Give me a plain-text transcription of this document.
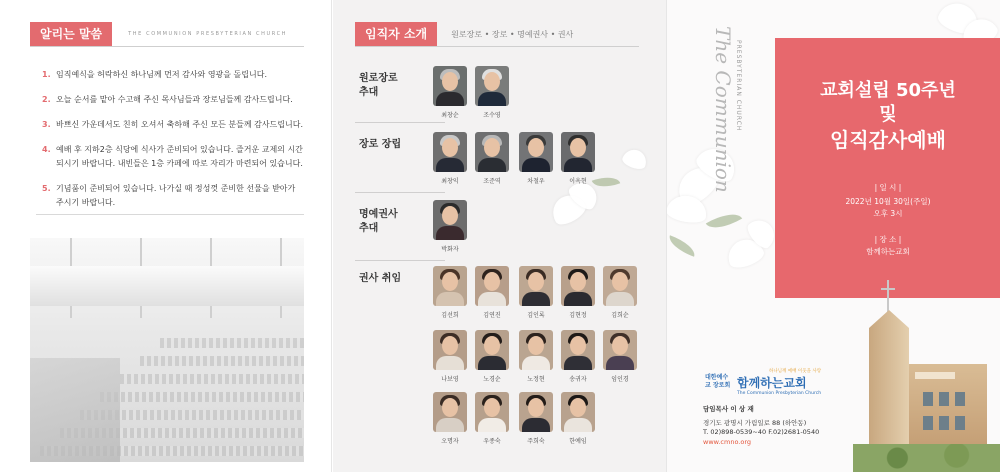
알리는 말씀	THE COMMUNION PRESBYTERIAN CHURCH
1. 임직예식을 허락하신 하나님께 먼저 감사와 영광을 돌립니다.
2. 오늘 순서를 맡아 수고해 주신 목사님들과 장로님들께 감사드립니다.
3. 바쁘신 가운데서도 친히 오셔서 축하해 주신 모든 분들께 감사드립니다.
4. 예배 후 지하2층 식당에 식사가 준비되어 있습니다. 즐거운 교제의 시간 되시기 바랍니다. 내빈들은 1층 카페에 따로 자리가 마련되어 있습니다.
5. 기념품이 준비되어 있습니다. 나가실 때 정성껏 준비한 선물을 받아가 주시기 바랍니다.
임직자 소개	원로장로 • 장로 • 명예권사 • 권사
원로장로
추대
장로 장립
명예권사
추대
권사 취임
최창순	조수영
최창익	조준역	차철우	이옥현
박화자
김선희	김연진	김인록	김현정	김희순
나보영	노경순	노정현	송귀자	임인경
오명자	우종숙	주희숙	한예임
The Communion PRESBYTERIAN CHURCH	교회설립 50주년
및
임직감사예배
| 일 시 |
2022년 10월 30일(주일)
오후 3시
| 장 소 |
함께하는교회
대한예수교 장로회
하나님께 예배 이웃을 사랑
함께하는교회
The Communion Presbyterian Church
담임목사 이 상 재
경기도 광명시 가림일로 88 (하안동)
T. 02)898-0539~40 F.02)2681-0540
www.cmno.org
